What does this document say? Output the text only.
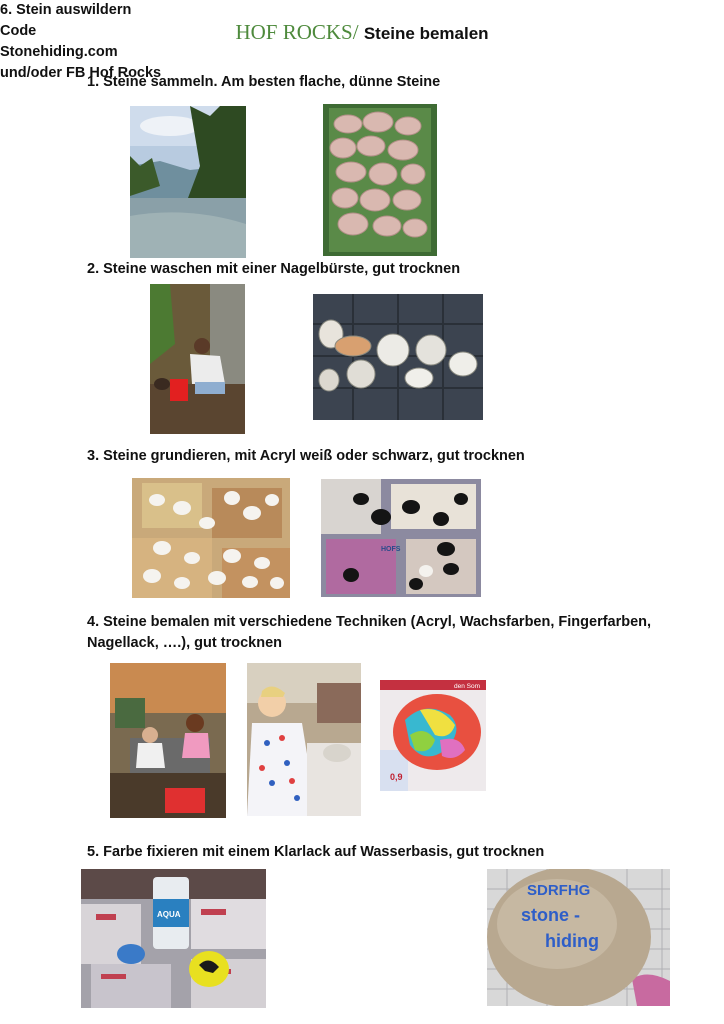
HOF ROCKS/ Steine bemalen
1. Steine sammeln. Am besten flache, dünne Steine
2. Steine waschen mit einer Nagelbürste, gut trocknen
3. Steine grundieren, mit Acryl weiß oder schwarz, gut trocknen
HOFS
4. Steine bemalen mit verschiedene Techniken (Acryl, Wachsfarben, Fingerfarben, Nagellack, ….), gut trocknen
den Som
0,9
5. Farbe fixieren mit einem Klarlack auf Wasserbasis, gut trocknen
AQUA
6. Stein auswildern
Code
Stonehiding.com
und/oder FB Hof Rocks
SDRFHG
stone -
hiding
